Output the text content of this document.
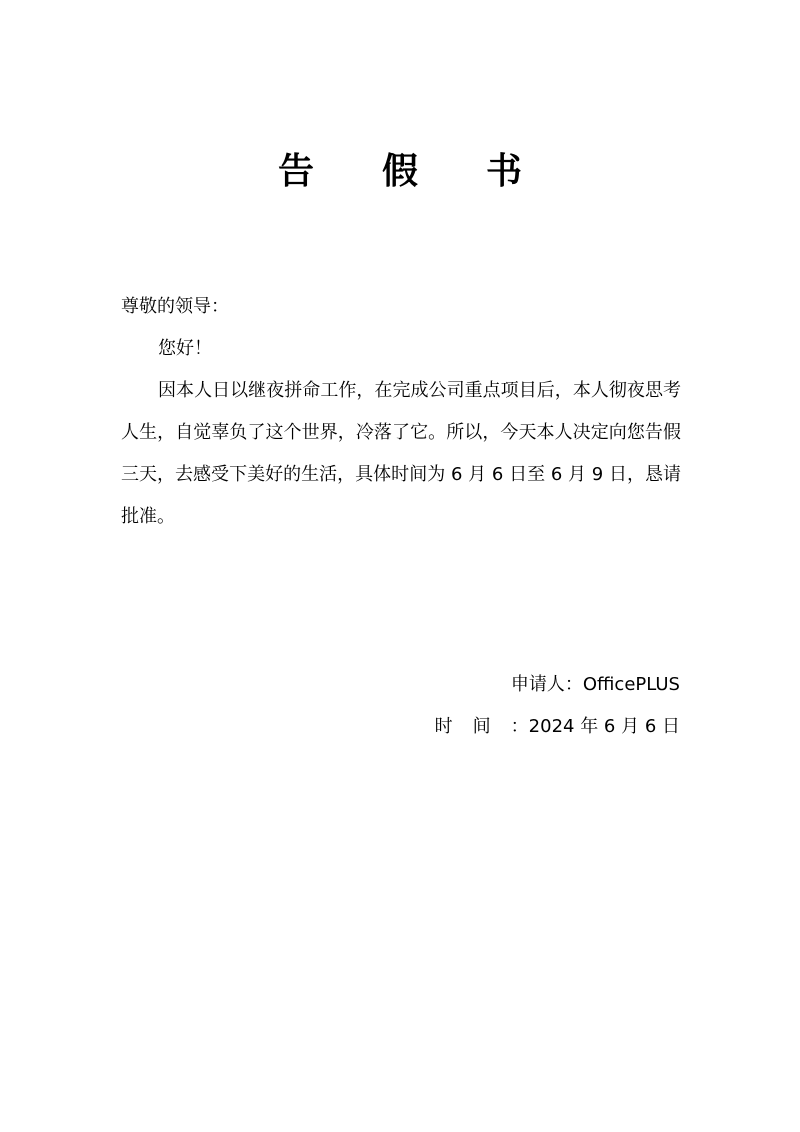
告假书
尊敬的领导：
您好！
因本人日以继夜拼命工作，在完成公司重点项目后，本人彻夜思考人生，自觉辜负了这个世界，冷落了它。所以，今天本人决定向您告假三天，去感受下美好的生活，具体时间为 6 月 6 日至 6 月 9 日，恳请批准。
申请人：OfficePLUS
时间：2024 年 6 月 6 日
